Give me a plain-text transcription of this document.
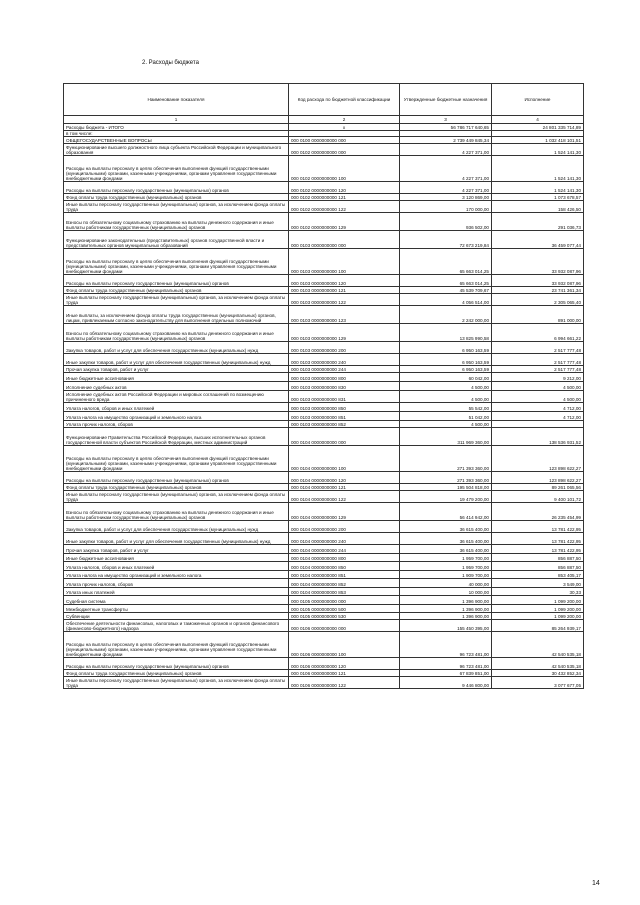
2. Расходы бюджета
Наименование показателя	Код расхода по бюджетной классификации	Утвержденные бюджетные назначения	Исполнение
1	2	3	4
Расходы бюджета - ИТОГО	x	56 786 717 640,65	24 801 335 714,89
в том числе:			
ОБЩЕГОСУДАРСТВЕННЫЕ ВОПРОСЫ	000 0100 0000000000 000	2 739 449 845,34	1 032 418 101,51
Функционирование высшего должностного лица субъекта Российской Федерации и муниципального образования	000 0102 0000000000 000	4 227 371,00	1 524 141,30
Расходы на выплаты персоналу в целях обеспечения выполнения функций государственными (муниципальными) органами, казенными учреждениями, органами управления государственными внебюджетными фондами	000 0102 0000000000 100	4 227 371,00	1 524 141,30
Расходы на выплаты персоналу государственных (муниципальных) органов	000 0102 0000000000 120	4 227 371,00	1 524 141,30
Фонд оплаты труда государственных (муниципальных) органов	000 0102 0000000000 121	3 120 869,00	1 073 678,57
Иные выплаты персоналу государственных (муниципальных) органов, за исключением фонда оплаты труда	000 0102 0000000000 122	170 000,00	158 426,50
Взносы по обязательному социальному страхованию на выплаты денежного содержания и иные выплаты работникам государственных (муниципальных) органов	000 0102 0000000000 129	936 502,00	291 036,73
Функционирование законодательных (представительных) органов государственной власти и представительных органов муниципальных образований	000 0103 0000000000 000	72 673 219,84	36 459 077,44
Расходы на выплаты персоналу в целях обеспечения выполнения функций государственными (муниципальными) органами, казенными учреждениями, органами управления государственными внебюджетными фондами	000 0103 0000000000 100	65 663 014,25	33 932 087,96
Расходы на выплаты персоналу государственных (муниципальных) органов	000 0103 0000000000 120	65 663 014,25	33 932 087,96
Фонд оплаты труда государственных (муниципальных) органов	000 0103 0000000000 121	45 539 709,67	23 741 361,34
Иные выплаты персоналу государственных (муниципальных) органов, за исключением фонда оплаты труда	000 0103 0000000000 122	4 056 514,00	2 305 065,40
Иные выплаты, за исключением фонда оплаты труда государственных (муниципальных) органов, лицам, привлекаемым согласно законодательству для выполнения отдельных полномочий	000 0103 0000000000 123	2 242 000,00	891 000,00
Взносы по обязательному социальному страхованию на выплаты денежного содержания и иные выплаты работникам государственных (муниципальных) органов	000 0103 0000000000 129	13 825 990,58	6 994 661,22
Закупка товаров, работ и услуг для обеспечения государственных (муниципальных) нужд	000 0103 0000000000 200	6 950 163,59	2 517 777,48
Иные закупки товаров, работ и услуг для обеспечения государственных (муниципальных) нужд	000 0103 0000000000 240	6 950 163,59	2 517 777,48
Прочая закупка товаров, работ и услуг	000 0103 0000000000 244	6 950 163,59	2 517 777,48
Иные бюджетные ассигнования	000 0103 0000000000 800	60 042,00	9 212,00
Исполнение судебных актов	000 0103 0000000000 830	4 500,00	4 500,00
Исполнение судебных актов Российской Федерации и мировых соглашений по возмещению причиненного вреда	000 0103 0000000000 831	4 500,00	4 500,00
Уплата налогов, сборов и иных платежей	000 0103 0000000000 850	55 542,00	4 712,00
Уплата налога на имущество организаций и земельного налога	000 0103 0000000000 851	51 042,00	4 712,00
Уплата прочих налогов, сборов	000 0103 0000000000 852	4 500,00	
Функционирование Правительства Российской Федерации, высших исполнительных органов государственной власти субъектов Российской Федерации, местных администраций	000 0104 0000000000 000	311 969 360,00	138 536 931,52
Расходы на выплаты персоналу в целях обеспечения выполнения функций государственными (муниципальными) органами, казенными учреждениями, органами управления государственными внебюджетными фондами	000 0104 0000000000 100	271 393 360,00	123 898 622,27
Расходы на выплаты персоналу государственных (муниципальных) органов	000 0104 0000000000 120	271 393 360,00	123 898 622,27
Фонд оплаты труда государственных (муниципальных) органов	000 0104 0000000000 121	195 504 818,00	89 261 065,56
Иные выплаты персоналу государственных (муниципальных) органов, за исключением фонда оплаты труда	000 0104 0000000000 122	19 479 200,00	9 400 101,72
Взносы по обязательному социальному страхованию на выплаты денежного содержания и иные выплаты работникам государственных (муниципальных) органов	000 0104 0000000000 129	56 414 942,00	26 235 454,99
Закупка товаров, работ и услуг для обеспечения государственных (муниципальных) нужд	000 0104 0000000000 200	36 615 400,00	13 781 422,95
Иные закупки товаров, работ и услуг для обеспечения государственных (муниципальных) нужд	000 0104 0000000000 240	36 615 400,00	13 781 422,95
Прочая закупка товаров, работ и услуг	000 0104 0000000000 244	36 615 400,00	13 781 422,95
Иные бюджетные ассигнования	000 0104 0000000000 800	1 959 700,00	856 887,50
Уплата налогов, сборов и иных платежей	000 0104 0000000000 850	1 959 700,00	856 887,50
Уплата налога на имущество организаций и земельного налога	000 0104 0000000000 851	1 909 700,00	853 405,17
Уплата прочих налогов, сборов	000 0104 0000000000 852	40 000,00	3 549,00
Уплата иных платежей	000 0104 0000000000 853	10 000,00	30,33
Судебная система	000 0105 0000000000 000	1 396 900,00	1 099 200,00
Межбюджетные трансферты	000 0105 0000000000 500	1 396 900,00	1 099 200,00
Субвенции	000 0105 0000000000 530	1 396 900,00	1 099 200,00
Обеспечение деятельности финансовых, налоговых и таможенных органов и органов финансового (финансово-бюджетного) надзора	000 0106 0000000000 000	155 450 395,00	85 264 939,17
Расходы на выплаты персоналу в целях обеспечения выполнения функций государственными (муниципальными) органами, казенными учреждениями, органами управления государственными внебюджетными фондами	000 0106 0000000000 100	96 723 481,00	42 540 535,18
Расходы на выплаты персоналу государственных (муниципальных) органов	000 0106 0000000000 120	96 723 481,00	42 540 535,18
Фонд оплаты труда государственных (муниципальных) органов	000 0106 0000000000 121	67 839 851,00	30 432 852,34
Иные выплаты персоналу государственных (муниципальных) органов, за исключением фонда оплаты труда	000 0106 0000000000 122	9 446 800,00	3 077 677,05
14
